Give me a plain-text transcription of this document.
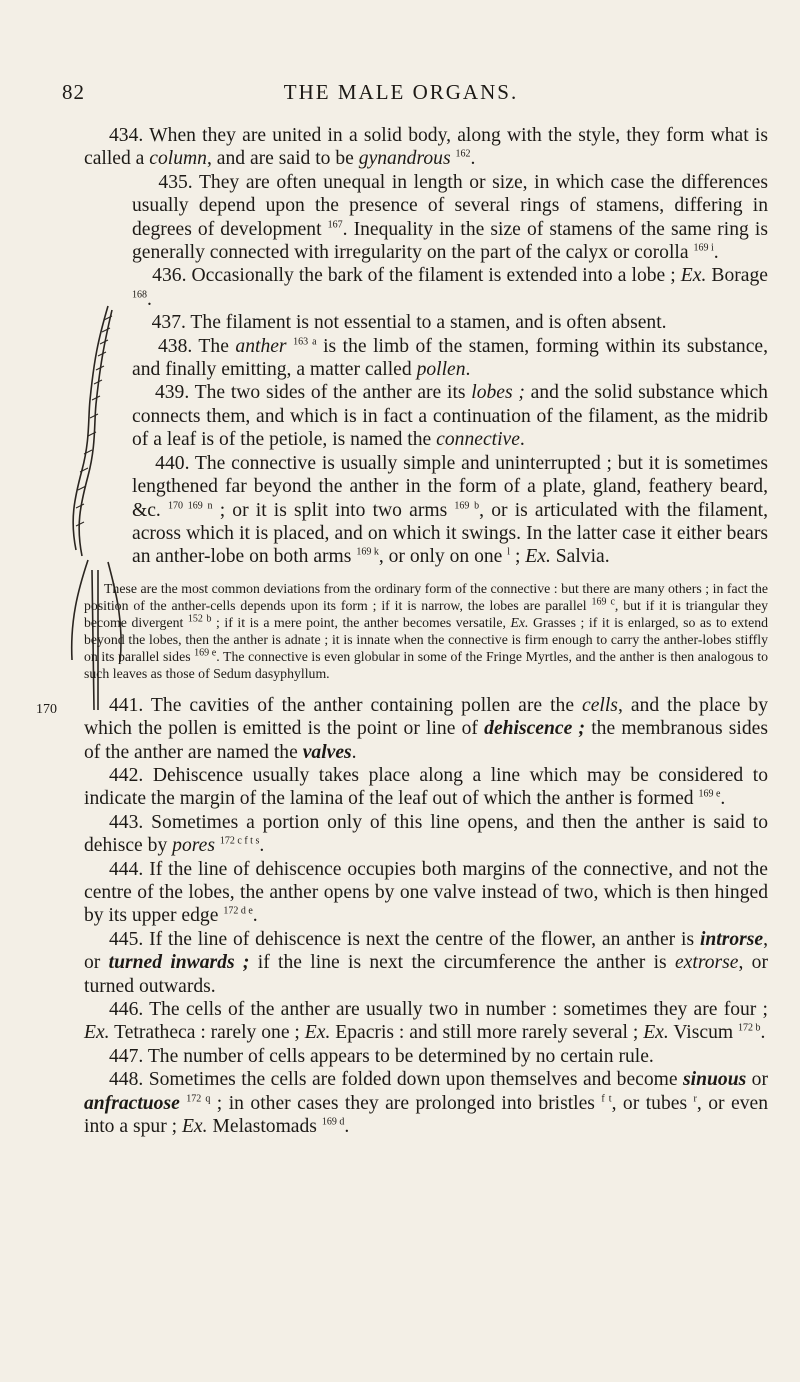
82	THE MALE ORGANS.
170

434. When they are united in a solid body, along with the style, they form what is called a column, and are said to be gynandrous $^{162}$.

435. They are often unequal in length or size, in which case the differences usually depend upon the presence of several rings of stamens, differing in degrees of development $^{167}$. Inequality in the size of stamens of the same ring is generally connected with irregularity on the part of the calyx or corolla $^{169 i}$.

436. Occasionally the bark of the filament is extended into a lobe ; Ex. Borage $^{168}$.

437. The filament is not essential to a stamen, and is often absent.

438. The anther $^{163 a}$ is the limb of the stamen, forming within its substance, and finally emitting, a matter called pollen.

439. The two sides of the anther are its lobes ; and the solid substance which connects them, and which is in fact a continuation of the filament, as the midrib of a leaf is of the petiole, is named the connective.

440. The connective is usually simple and uninterrupted ; but it is sometimes lengthened far beyond the anther in the form of a plate, gland, feathery beard, &c. $^{170 169 n}$ ; or it is split into two arms $^{169 b}$, or is articulated with the filament, across which it is placed, and on which it swings. In the latter case it either bears an anther-lobe on both arms $^{169 k}$, or only on one $^l$ ; Ex. Salvia.

These are the most common deviations from the ordinary form of the connective : but there are many others ; in fact the position of the anther-cells depends upon its form ; if it is narrow, the lobes are parallel $^{169 c}$, but if it is triangular they become divergent $^{152 b}$ ; if it is a mere point, the anther becomes versatile, Ex. Grasses ; if it is enlarged, so as to extend beyond the lobes, then the anther is adnate ; it is innate when the connective is firm enough to carry the anther-lobes stiffly on its parallel sides $^{169 e}$. The connective is even globular in some of the Fringe Myrtles, and the anther is then analogous to such leaves as those of Sedum dasyphyllum.

441. The cavities of the anther containing pollen are the cells, and the place by which the pollen is emitted is the point or line of dehiscence ; the membranous sides of the anther are named the valves.

442. Dehiscence usually takes place along a line which may be considered to indicate the margin of the lamina of the leaf out of which the anther is formed $^{169 e}$.

443. Sometimes a portion only of this line opens, and then the anther is said to dehisce by pores $^{172 c f t s}$.

444. If the line of dehiscence occupies both margins of the connective, and not the centre of the lobes, the anther opens by one valve instead of two, which is then hinged by its upper edge $^{172 d e}$.

445. If the line of dehiscence is next the centre of the flower, an anther is introrse, or turned inwards ; if the line is next the circumference the anther is extrorse, or turned outwards.

446. The cells of the anther are usually two in number : sometimes they are four ; Ex. Tetratheca : rarely one ; Ex. Epacris : and still more rarely several ; Ex. Viscum $^{172 b}$.

447. The number of cells appears to be determined by no certain rule.

448. Sometimes the cells are folded down upon themselves and become sinuous or anfractuose $^{172 q}$ ; in other cases they are prolonged into bristles $^{f t}$, or tubes $^r$, or even into a spur ; Ex. Melastomads $^{169 d}$.
